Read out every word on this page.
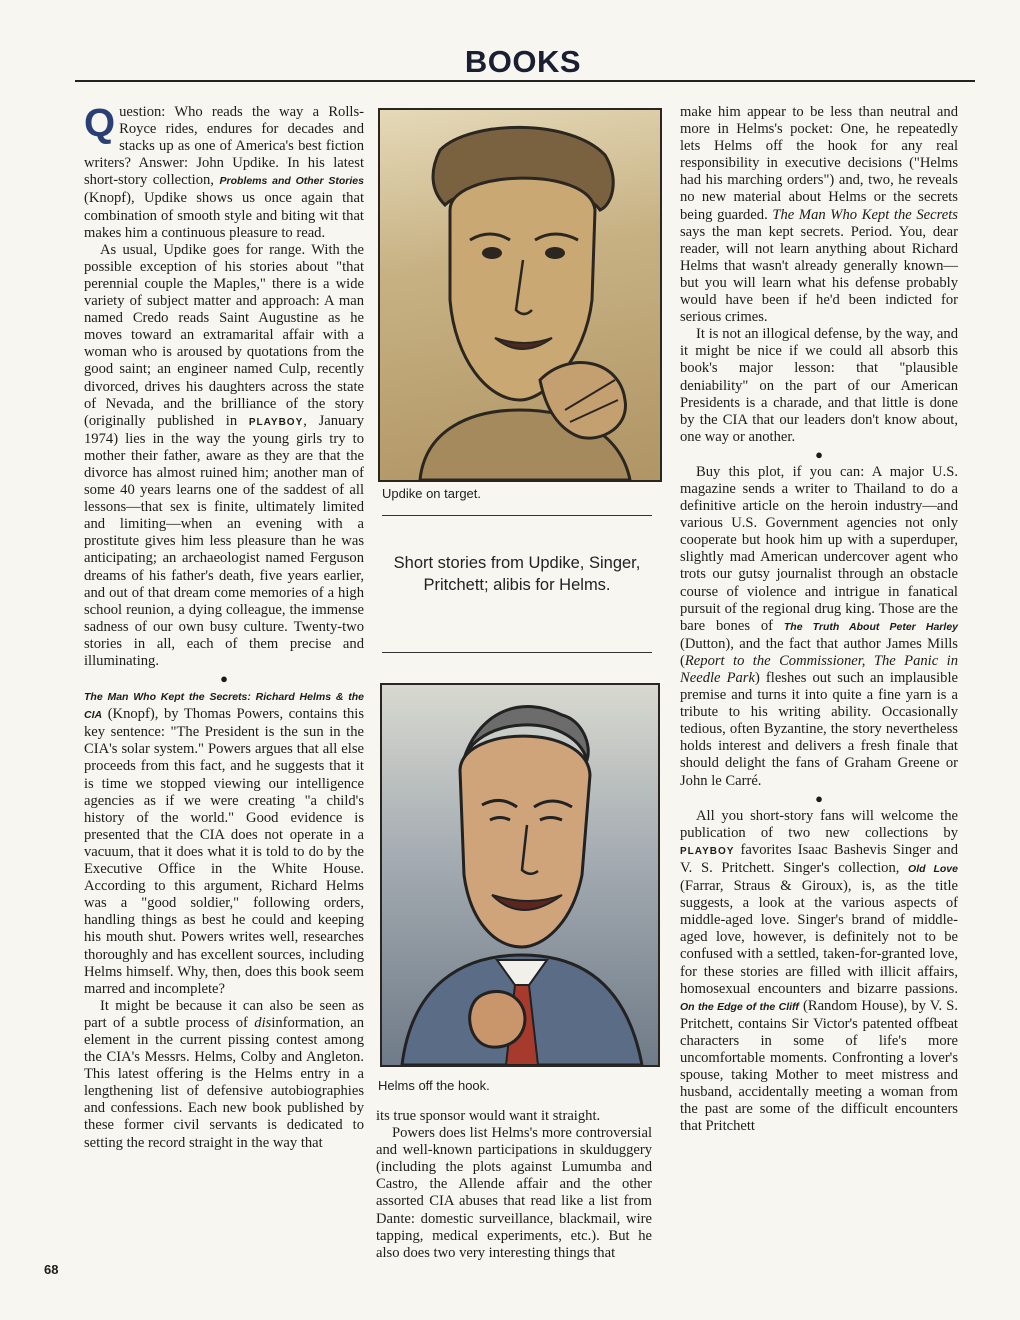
BOOKS

Question: Who reads the way a Rolls-Royce rides, endures for decades and stacks up as one of America's best fiction writers? Answer: John Updike. In his latest short-story collection, Problems and Other Stories (Knopf), Updike shows us once again that combination of smooth style and biting wit that makes him a continuous pleasure to read.

As usual, Updike goes for range. With the possible exception of his stories about "that perennial couple the Maples," there is a wide variety of subject matter and approach: A man named Credo reads Saint Augustine as he moves toward an extramarital affair with a woman who is aroused by quotations from the good saint; an engineer named Culp, recently divorced, drives his daughters across the state of Nevada, and the brilliance of the story (originally published in PLAYBOY, January 1974) lies in the way the young girls try to mother their father, aware as they are that the divorce has almost ruined him; another man of some 40 years learns one of the saddest of all lessons—that sex is finite, ultimately limited and limiting—when an evening with a prostitute gives him less pleasure than he was anticipating; an archaeologist named Ferguson dreams of his father's death, five years earlier, and out of that dream come memories of a high school reunion, a dying colleague, the immense sadness of our own busy culture. Twenty-two stories in all, each of them precise and illuminating.

●

The Man Who Kept the Secrets: Richard Helms & the CIA (Knopf), by Thomas Powers, contains this key sentence: "The President is the sun in the CIA's solar system." Powers argues that all else proceeds from this fact, and he suggests that it is time we stopped viewing our intelligence agencies as if we were creating "a child's history of the world." Good evidence is presented that the CIA does not operate in a vacuum, that it does what it is told to do by the Executive Office in the White House. According to this argument, Richard Helms was a "good soldier," following orders, handling things as best he could and keeping his mouth shut. Powers writes well, researches thoroughly and has excellent sources, including Helms himself. Why, then, does this book seem marred and incomplete?

It might be because it can also be seen as part of a subtle process of disinformation, an element in the current pissing contest among the CIA's Messrs. Helms, Colby and Angleton. This latest offering is the Helms entry in a lengthening list of defensive autobiographies and confessions. Each new book published by these former civil servants is dedicated to setting the record straight in the way that

Updike on target.
Short stories from Updike, Singer, Pritchett; alibis for Helms.
Helms off the hook.

its true sponsor would want it straight.

Powers does list Helms's more controversial and well-known participations in skulduggery (including the plots against Lumumba and Castro, the Allende affair and the other assorted CIA abuses that read like a list from Dante: domestic surveillance, blackmail, wire tapping, medical experiments, etc.). But he also does two very interesting things that

make him appear to be less than neutral and more in Helms's pocket: One, he repeatedly lets Helms off the hook for any real responsibility in executive decisions ("Helms had his marching orders") and, two, he reveals no new material about Helms or the secrets being guarded. The Man Who Kept the Secrets says the man kept secrets. Period. You, dear reader, will not learn anything about Richard Helms that wasn't already generally known—but you will learn what his defense probably would have been if he'd been indicted for serious crimes.

It is not an illogical defense, by the way, and it might be nice if we could all absorb this book's major lesson: that "plausible deniability" on the part of our American Presidents is a charade, and that little is done by the CIA that our leaders don't know about, one way or another.

●

Buy this plot, if you can: A major U.S. magazine sends a writer to Thailand to do a definitive article on the heroin industry—and various U.S. Government agencies not only cooperate but hook him up with a superduper, slightly mad American undercover agent who trots our gutsy journalist through an obstacle course of violence and intrigue in fanatical pursuit of the regional drug king. Those are the bare bones of The Truth About Peter Harley (Dutton), and the fact that author James Mills (Report to the Commissioner, The Panic in Needle Park) fleshes out such an implausible premise and turns it into quite a fine yarn is a tribute to his writing ability. Occasionally tedious, often Byzantine, the story nevertheless holds interest and delivers a fresh finale that should delight the fans of Graham Greene or John le Carré.

●

All you short-story fans will welcome the publication of two new collections by PLAYBOY favorites Isaac Bashevis Singer and V. S. Pritchett. Singer's collection, Old Love (Farrar, Straus & Giroux), is, as the title suggests, a look at the various aspects of middle-aged love. Singer's brand of middle-aged love, however, is definitely not to be confused with a settled, taken-for-granted love, for these stories are filled with illicit affairs, homosexual encounters and bizarre passions. On the Edge of the Cliff (Random House), by V. S. Pritchett, contains Sir Victor's patented offbeat characters in some of life's more uncomfortable moments. Confronting a lover's spouse, taking Mother to meet mistress and husband, accidentally meeting a woman from the past are some of the difficult encounters that Pritchett

68
